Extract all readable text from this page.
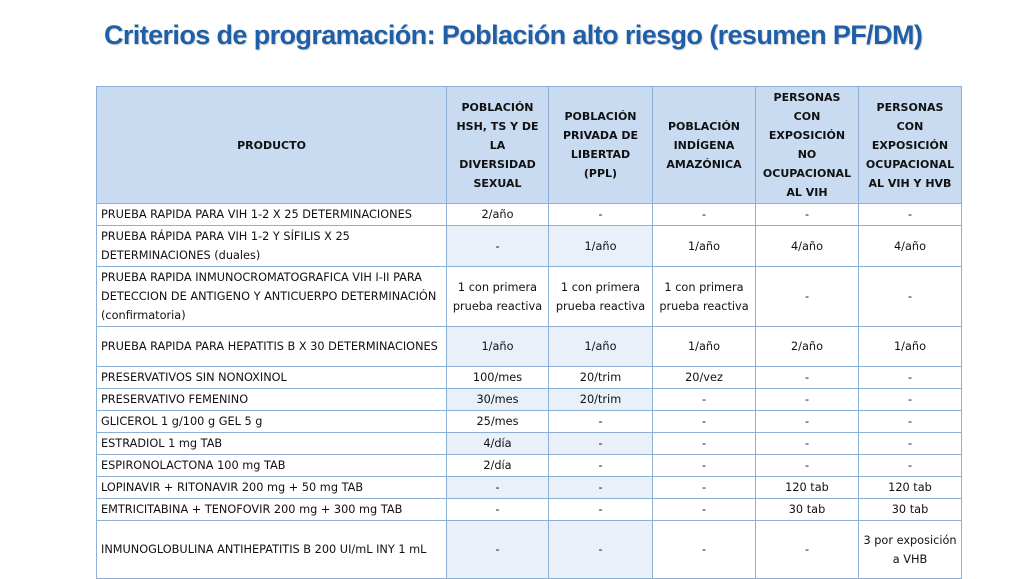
Criterios de programación: Población alto riesgo (resumen PF/DM)
PRODUCTO	POBLACIÓN HSH, TS Y DE LA DIVERSIDAD SEXUAL	POBLACIÓN PRIVADA DE LIBERTAD (PPL)	POBLACIÓN INDÍGENA AMAZÓNICA	PERSONAS CON EXPOSICIÓN NO OCUPACIONAL AL VIH	PERSONAS CON EXPOSICIÓN OCUPACIONAL AL VIH Y HVB
PRUEBA RAPIDA PARA VIH 1-2 X 25 DETERMINACIONES	2/año	-	-	-	-
PRUEBA RÁPIDA PARA VIH 1-2 Y SÍFILIS X 25 DETERMINACIONES (duales)	-	1/año	1/año	4/año	4/año
PRUEBA RAPIDA INMUNOCROMATOGRAFICA VIH I-II PARA DETECCION DE ANTIGENO Y ANTICUERPO DETERMINACIÓN (confirmatoria)	1 con primera prueba reactiva	1 con primera prueba reactiva	1 con primera prueba reactiva	-	-
PRUEBA RAPIDA PARA HEPATITIS B X 30 DETERMINACIONES	1/año	1/año	1/año	2/año	1/año
PRESERVATIVOS SIN NONOXINOL	100/mes	20/trim	20/vez	-	-
PRESERVATIVO FEMENINO	30/mes	20/trim	-	-	-
GLICEROL 1 g/100 g GEL 5 g	25/mes	-	-	-	-
ESTRADIOL 1 mg TAB	4/día	-	-	-	-
ESPIRONOLACTONA 100 mg TAB	2/día	-	-	-	-
LOPINAVIR + RITONAVIR 200 mg + 50 mg TAB	-	-	-	120 tab	120 tab
EMTRICITABINA + TENOFOVIR 200 mg + 300 mg TAB	-	-	-	30 tab	30 tab
INMUNOGLOBULINA ANTIHEPATITIS B 200 UI/mL INY 1 mL	-	-	-	-	3 por exposición a VHB
